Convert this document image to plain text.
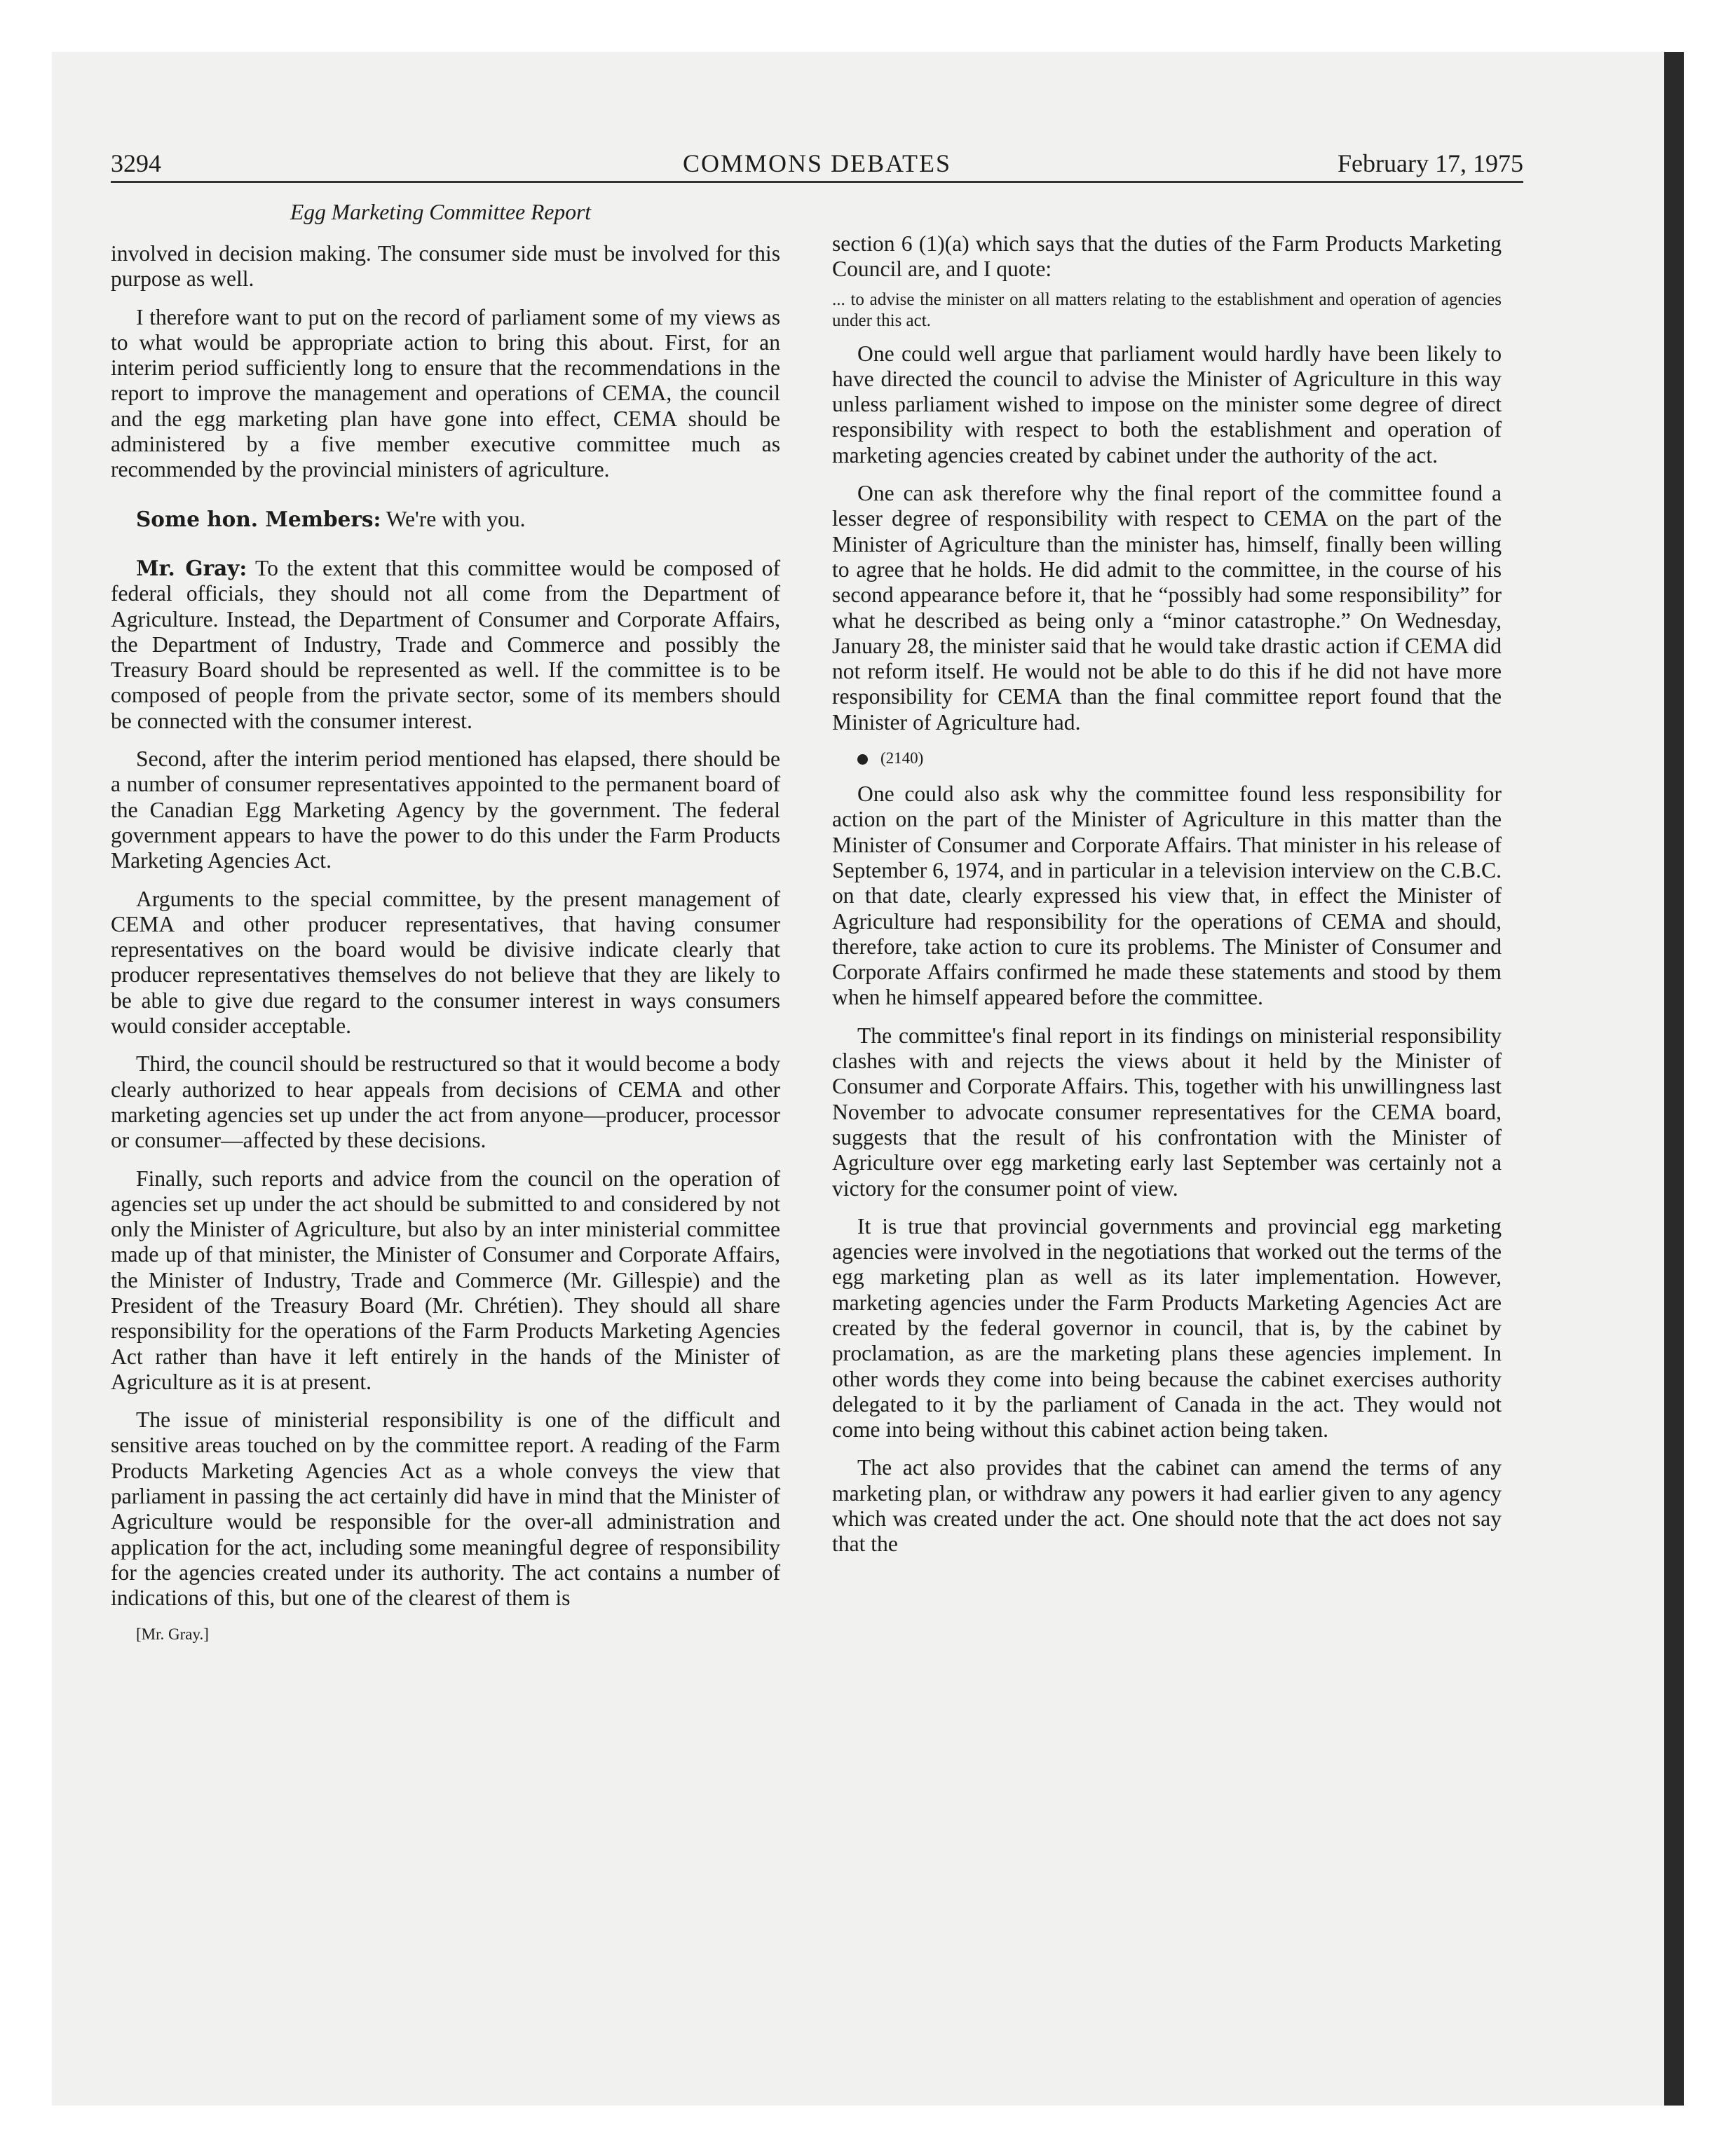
3294	COMMONS DEBATES	February 17, 1975

Egg Marketing Committee Report

involved in decision making. The consumer side must be involved for this purpose as well.

I therefore want to put on the record of parliament some of my views as to what would be appropriate action to bring this about. First, for an interim period sufficiently long to ensure that the recommendations in the report to improve the management and operations of CEMA, the council and the egg marketing plan have gone into effect, CEMA should be administered by a five member executive committee much as recommended by the provincial ministers of agriculture.

Some hon. Members: We're with you.

Mr. Gray: To the extent that this committee would be composed of federal officials, they should not all come from the Department of Agriculture. Instead, the Department of Consumer and Corporate Affairs, the Department of Industry, Trade and Commerce and possibly the Treasury Board should be represented as well. If the committee is to be composed of people from the private sector, some of its members should be connected with the consumer interest.

Second, after the interim period mentioned has elapsed, there should be a number of consumer representatives appointed to the permanent board of the Canadian Egg Marketing Agency by the government. The federal government appears to have the power to do this under the Farm Products Marketing Agencies Act.

Arguments to the special committee, by the present management of CEMA and other producer representatives, that having consumer representatives on the board would be divisive indicate clearly that producer representatives themselves do not believe that they are likely to be able to give due regard to the consumer interest in ways consumers would consider acceptable.

Third, the council should be restructured so that it would become a body clearly authorized to hear appeals from decisions of CEMA and other marketing agencies set up under the act from anyone—producer, processor or consumer—affected by these decisions.

Finally, such reports and advice from the council on the operation of agencies set up under the act should be submitted to and considered by not only the Minister of Agriculture, but also by an inter ministerial committee made up of that minister, the Minister of Consumer and Corporate Affairs, the Minister of Industry, Trade and Commerce (Mr. Gillespie) and the President of the Treasury Board (Mr. Chrétien). They should all share responsibility for the operations of the Farm Products Marketing Agencies Act rather than have it left entirely in the hands of the Minister of Agriculture as it is at present.

The issue of ministerial responsibility is one of the difficult and sensitive areas touched on by the committee report. A reading of the Farm Products Marketing Agencies Act as a whole conveys the view that parliament in passing the act certainly did have in mind that the Minister of Agriculture would be responsible for the over-all administration and application for the act, including some meaningful degree of responsibility for the agencies created under its authority. The act contains a number of indications of this, but one of the clearest of them is

[Mr. Gray.]

section 6 (1)(a) which says that the duties of the Farm Products Marketing Council are, and I quote:

... to advise the minister on all matters relating to the establishment and operation of agencies under this act.

One could well argue that parliament would hardly have been likely to have directed the council to advise the Minister of Agriculture in this way unless parliament wished to impose on the minister some degree of direct responsibility with respect to both the establishment and operation of marketing agencies created by cabinet under the authority of the act.

One can ask therefore why the final report of the committee found a lesser degree of responsibility with respect to CEMA on the part of the Minister of Agriculture than the minister has, himself, finally been willing to agree that he holds. He did admit to the committee, in the course of his second appearance before it, that he “possibly had some responsibility” for what he described as being only a “minor catastrophe.” On Wednesday, January 28, the minister said that he would take drastic action if CEMA did not reform itself. He would not be able to do this if he did not have more responsibility for CEMA than the final committee report found that the Minister of Agriculture had.

(2140)

One could also ask why the committee found less responsibility for action on the part of the Minister of Agriculture in this matter than the Minister of Consumer and Corporate Affairs. That minister in his release of September 6, 1974, and in particular in a television interview on the C.B.C. on that date, clearly expressed his view that, in effect the Minister of Agriculture had responsibility for the operations of CEMA and should, therefore, take action to cure its problems. The Minister of Consumer and Corporate Affairs confirmed he made these statements and stood by them when he himself appeared before the committee.

The committee's final report in its findings on ministerial responsibility clashes with and rejects the views about it held by the Minister of Consumer and Corporate Affairs. This, together with his unwillingness last November to advocate consumer representatives for the CEMA board, suggests that the result of his confrontation with the Minister of Agriculture over egg marketing early last September was certainly not a victory for the consumer point of view.

It is true that provincial governments and provincial egg marketing agencies were involved in the negotiations that worked out the terms of the egg marketing plan as well as its later implementation. However, marketing agencies under the Farm Products Marketing Agencies Act are created by the federal governor in council, that is, by the cabinet by proclamation, as are the marketing plans these agencies implement. In other words they come into being because the cabinet exercises authority delegated to it by the parliament of Canada in the act. They would not come into being without this cabinet action being taken.

The act also provides that the cabinet can amend the terms of any marketing plan, or withdraw any powers it had earlier given to any agency which was created under the act. One should note that the act does not say that the
